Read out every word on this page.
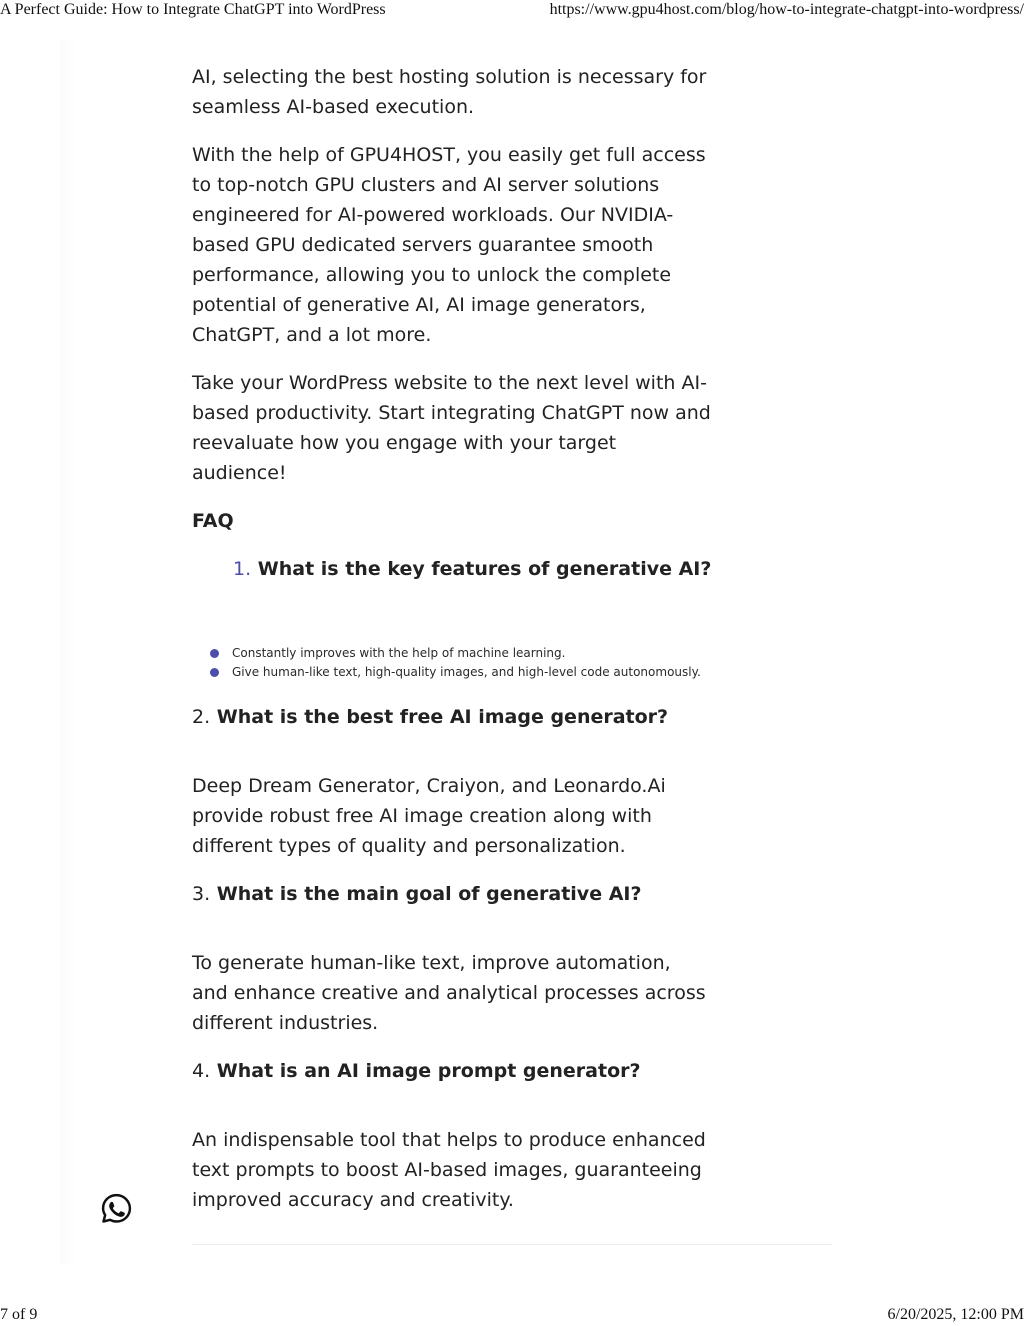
A Perfect Guide: How to Integrate ChatGPT into WordPress	https://www.gpu4host.com/blog/how-to-integrate-chatgpt-into-wordpress/

AI, selecting the best hosting solution is necessary for seamless AI-based execution.

With the help of GPU4HOST, you easily get full access to top-notch GPU clusters and AI server solutions engineered for AI-powered workloads. Our NVIDIA-based GPU dedicated servers guarantee smooth performance, allowing you to unlock the complete potential of generative AI, AI image generators, ChatGPT, and a lot more.

Take your WordPress website to the next level with AI-based productivity. Start integrating ChatGPT now and reevaluate how you engage with your target audience!

FAQ
1. What is the key features of generative AI?
Constantly improves with the help of machine learning.
Give human-like text, high-quality images, and high-level code autonomously.
2. What is the best free AI image generator?

Deep Dream Generator, Craiyon, and Leonardo.Ai provide robust free AI image creation along with different types of quality and personalization.

3. What is the main goal of generative AI?

To generate human-like text, improve automation, and enhance creative and analytical processes across different industries.

4. What is an AI image prompt generator?

An indispensable tool that helps to produce enhanced text prompts to boost AI-based images, guaranteeing improved accuracy and creativity.

7 of 9	6/20/2025, 12:00 PM
